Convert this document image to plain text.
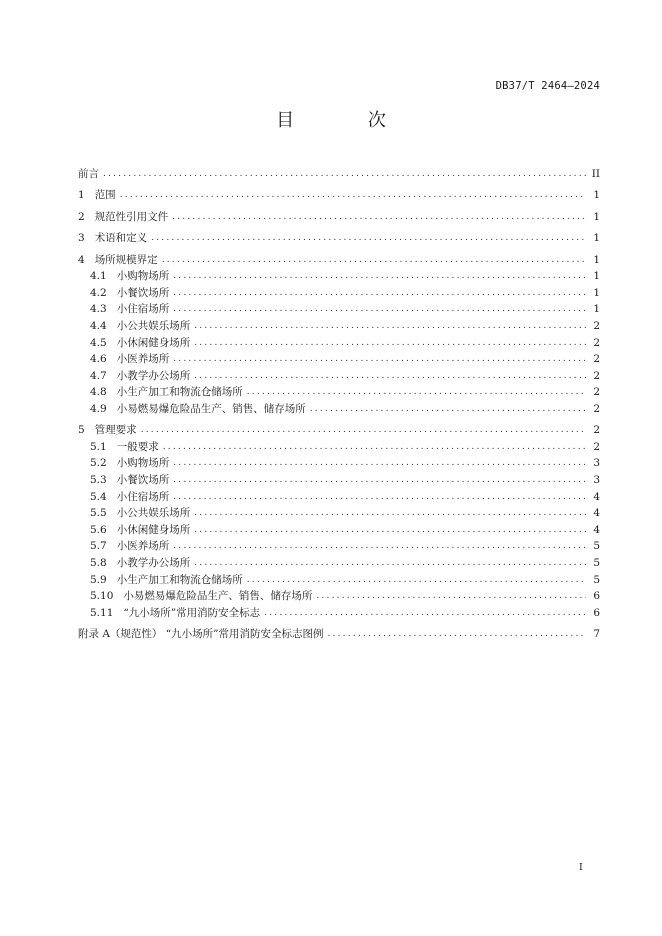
DB37/T 2464—2024
目 次
前言 .....	II
1 范围 .....	1
2 规范性引用文件 .....	1
3 术语和定义 .....	1
4 场所规模界定 .....	1
4.1 小购物场所 .....	1
4.2 小餐饮场所 .....	1
4.3 小住宿场所 .....	1
4.4 小公共娱乐场所 .....	2
4.5 小休闲健身场所 .....	2
4.6 小医养场所 .....	2
4.7 小教学办公场所 .....	2
4.8 小生产加工和物流仓储场所 .....	2
4.9 小易燃易爆危险品生产、销售、储存场所 .....	2
5 管理要求 .....	2
5.1 一般要求 .....	2
5.2 小购物场所 .....	3
5.3 小餐饮场所 .....	3
5.4 小住宿场所 .....	4
5.5 小公共娱乐场所 .....	4
5.6 小休闲健身场所 .....	4
5.7 小医养场所 .....	5
5.8 小教学办公场所 .....	5
5.9 小生产加工和物流仓储场所 .....	5
5.10 小易燃易爆危险品生产、销售、储存场所 .....	6
5.11 “九小场所”常用消防安全标志 .....	6
附录 A（规范性） “九小场所”常用消防安全标志图例 .....	7
I
